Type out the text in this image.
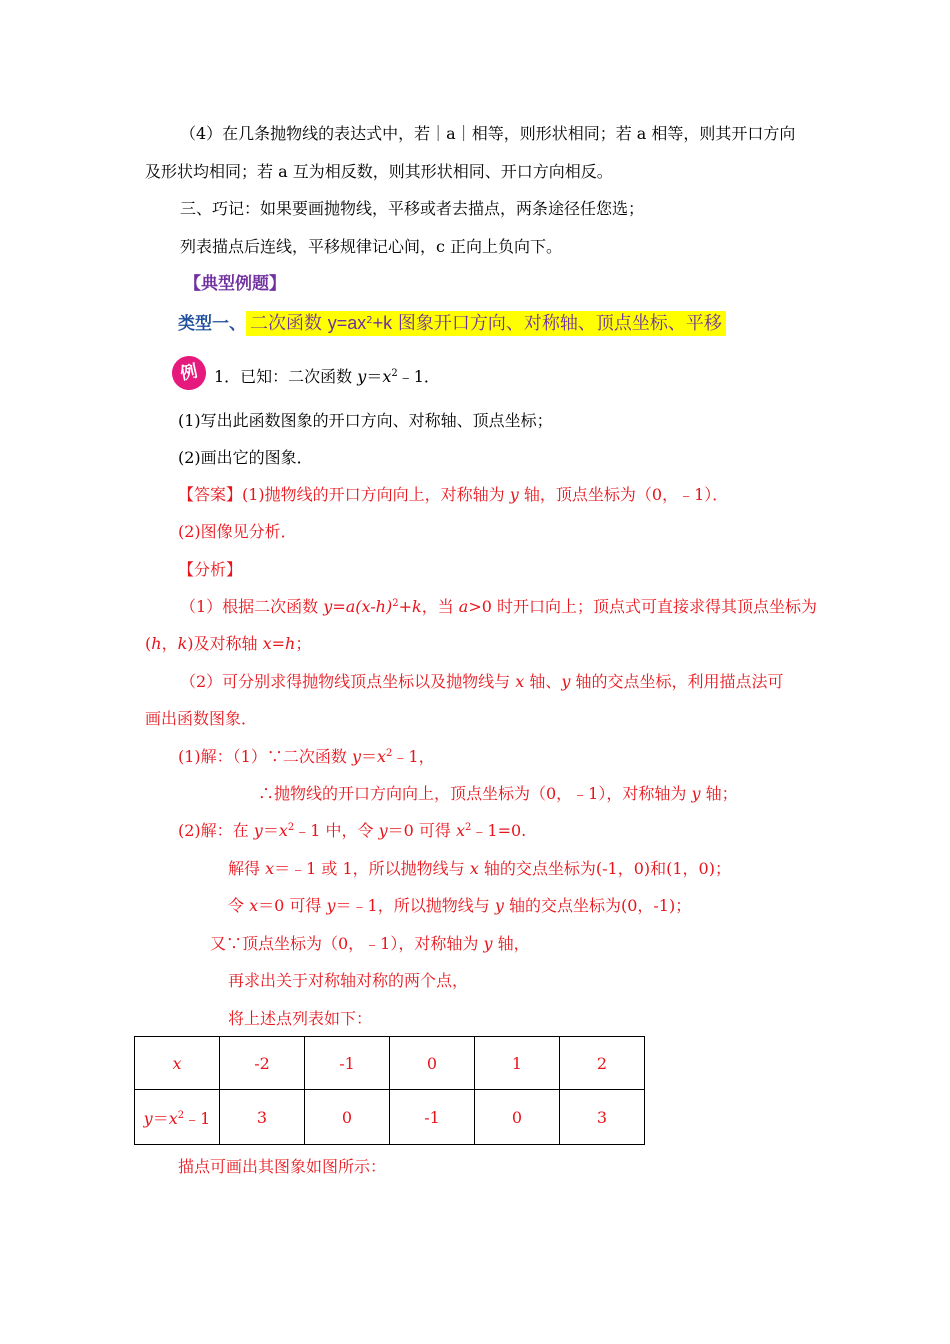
（4）在几条抛物线的表达式中，若｜a｜相等，则形状相同；若 a 相等，则其开口方向
及形状均相同；若 a 互为相反数，则其形状相同、开口方向相反。
三、巧记：如果要画抛物线，平移或者去描点，两条途径任您选；
列表描点后连线，平移规律记心间，c 正向上负向下。
【典型例题】
类型一、 二次函数 $y=ax^2+k$ 图象开口方向、对称轴、顶点坐标、平移
例 1．已知：二次函数 $y=x^2﹣1$．
(1)写出此函数图象的开口方向、对称轴、顶点坐标；
(2)画出它的图象．
【答案】(1)抛物线的开口方向向上，对称轴为 y 轴，顶点坐标为（0，﹣1）．
(2)图像见分析．
【分析】
（1）根据二次函数 $y=a(x-h)^2+k$，当 a>0 时开口向上；顶点式可直接求得其顶点坐标为
(h，k)及对称轴 x=h；
（2）可分别求得抛物线顶点坐标以及抛物线与 x 轴、y 轴的交点坐标，利用描点法可
画出函数图象．
(1)解：（1）∵二次函数 $y=x^2﹣1$，
∴抛物线的开口方向向上，顶点坐标为（0，﹣1），对称轴为 y 轴；
(2)解：在 $y=x^2﹣1$ 中，令 y＝0 可得 $x^2﹣1=0$.
解得 x＝﹣1 或 1，所以抛物线与 x 轴的交点坐标为(-1，0)和(1，0)；
令 x＝0 可得 y＝﹣1，所以抛物线与 y 轴的交点坐标为(0，-1)；
又∵顶点坐标为（0，﹣1），对称轴为 y 轴，
再求出关于对称轴对称的两个点，
将上述点列表如下：
x	-2	-1	0	1	2
$y=x^2﹣1$	3	0	-1	0	3
描点可画出其图象如图所示：
